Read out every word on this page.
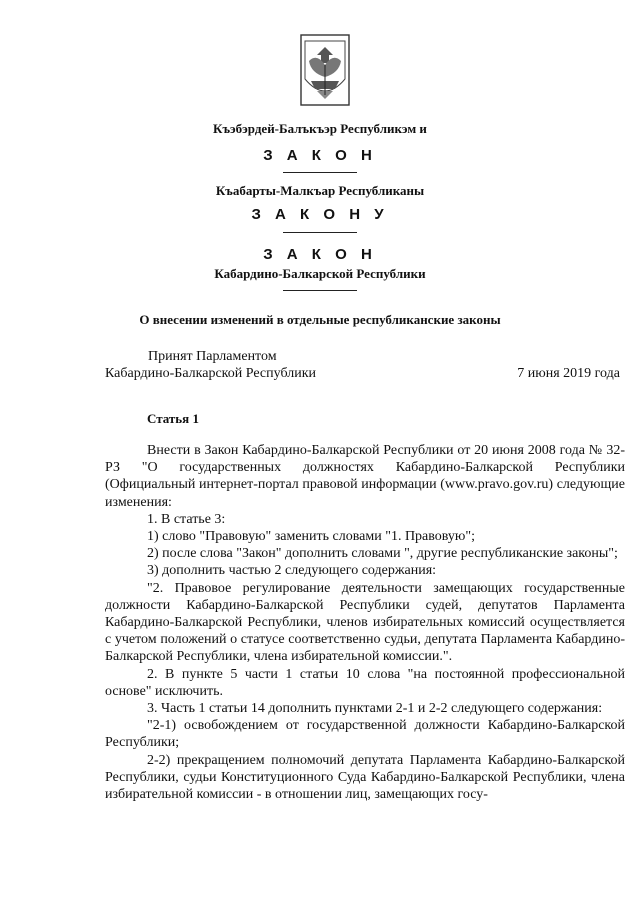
Къэбэрдей-Балъкъэр Республикэм и
З А К О Н
Къабарты-Малкъар Республиканы
З А К О Н У
З А К О Н
Кабардино-Балкарской Республики
О внесении изменений в отдельные республиканские законы
Принят Парламентом
Кабардино-Балкарской Республики	7 июня 2019 года
Статья 1

Внести в Закон Кабардино-Балкарской Республики от 20 июня 2008 года № 32-РЗ "О государственных должностях Кабардино-Балкарской Республики (Официальный интернет-портал правовой информации (www.pravo.gov.ru) следующие изменения:

1. В статье 3:

1) слово "Правовую" заменить словами "1. Правовую";

2) после слова "Закон" дополнить словами ", другие республиканские законы";

3) дополнить частью 2 следующего содержания:

"2. Правовое регулирование деятельности замещающих государственные должности Кабардино-Балкарской Республики судей, депутатов Парламента Кабардино-Балкарской Республики, членов избирательных комиссий осуществляется с учетом положений о статусе соответственно судьи, депутата Парламента Кабардино-Балкарской Республики, члена избирательной комиссии.".

2. В пункте 5 части 1 статьи 10 слова "на постоянной профессиональной основе" исключить.

3. Часть 1 статьи 14 дополнить пунктами 2-1 и 2-2 следующего содержания:

"2-1) освобождением от государственной должности Кабардино-Балкарской Республики;

2-2) прекращением полномочий депутата Парламента Кабардино-Балкарской Республики, судьи Конституционного Суда Кабардино-Балкарской Республики, члена избирательной комиссии - в отношении лиц, замещающих госу-
